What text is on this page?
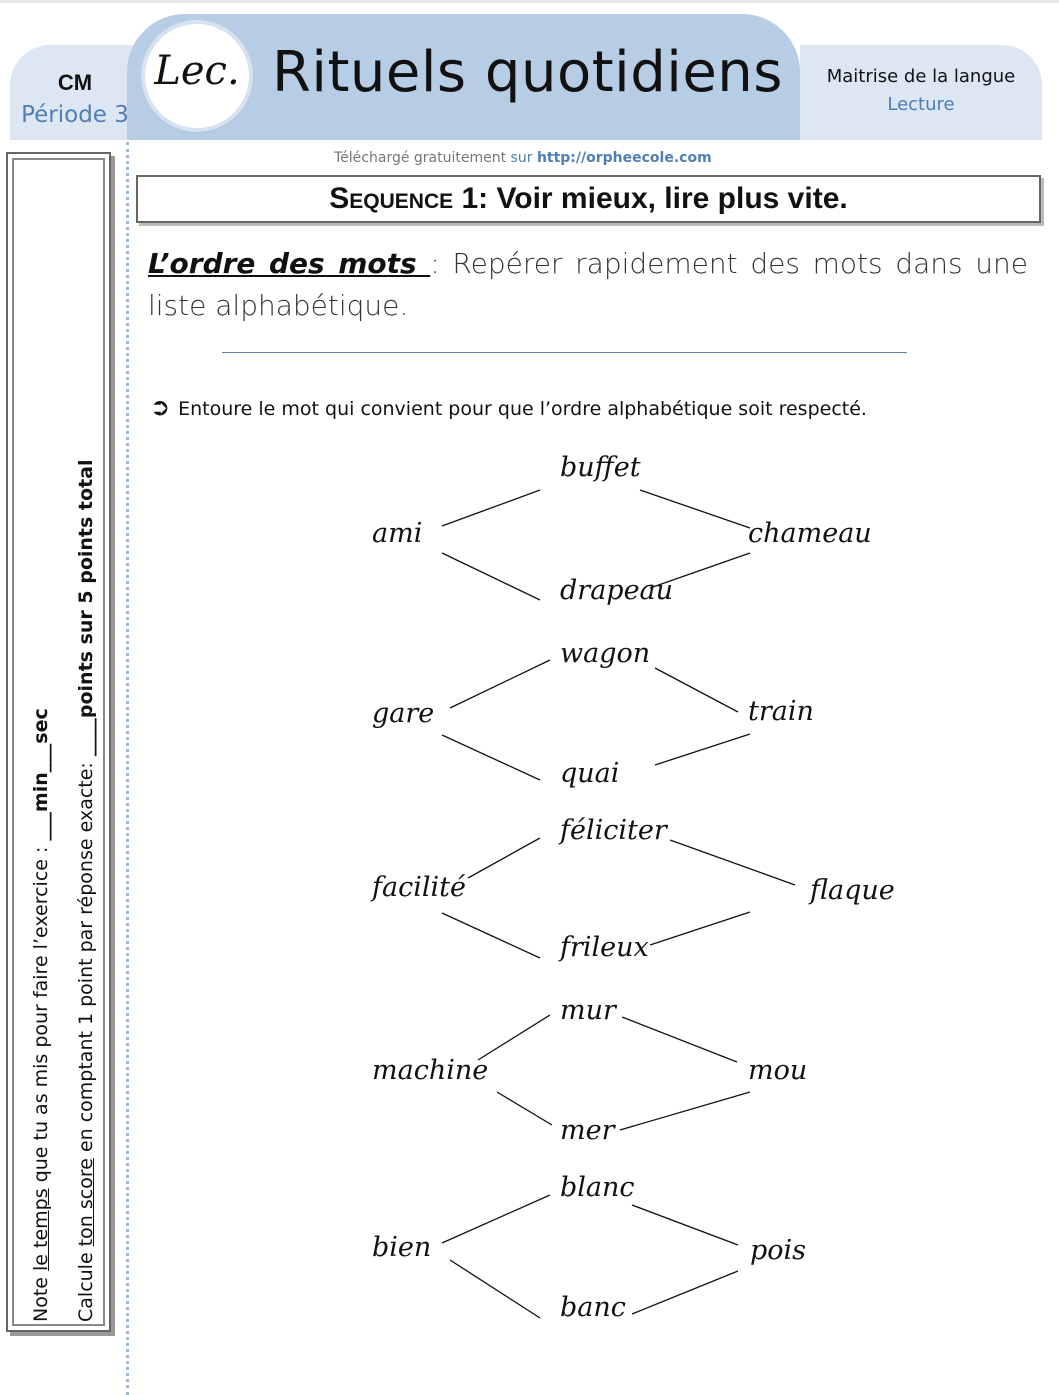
CM
Période 3
Lec. Rituels quotidiens	Maitrise de la langue
Lecture
Téléchargé gratuitement sur http://orpheecole.com
Note le temps que tu as mis pour faire l’exercice : ___min___sec
Calcule ton score en comptant 1 point par réponse exacte: ____points sur 5 points total
Sequence 1 : Voir mieux, lire plus vite.
L’ordre des mots : Repérer rapidement des mots dans une liste alphabétique.
➲ Entoure le mot qui convient pour que l’ordre alphabétique soit respecté.
ami
buffet
drapeau
chameau
gare
wagon
quai
train
facilité
féliciter
frileux
flaque
machine
mur
mer
mou
bien
blanc
banc
pois
